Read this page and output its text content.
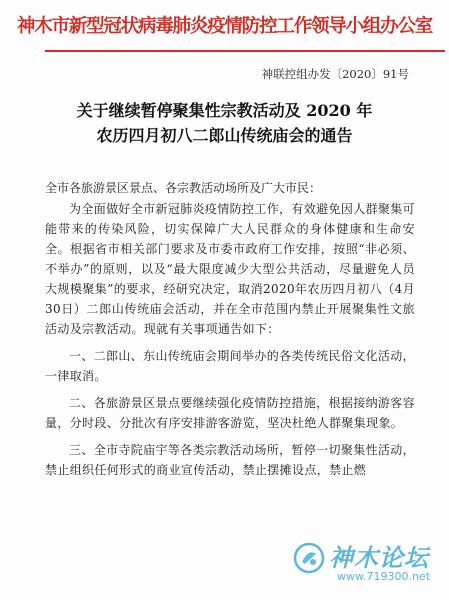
神木市新型冠状病毒肺炎疫情防控工作领导小组办公室
神联控组办发〔2020〕91号
关于继续暂停聚集性宗教活动及 2020 年
农历四月初八二郎山传统庙会的通告

全市各旅游景区景点、各宗教活动场所及广大市民：

为全面做好全市新冠肺炎疫情防控工作，有效避免因人群聚集可能带来的传染风险，切实保障广大人民群众的身体健康和生命安全。根据省市相关部门要求及市委市政府工作安排，按照“非必须、不举办”的原则，以及“最大限度减少大型公共活动，尽量避免人员大规模聚集”的要求，经研究决定，取消2020年农历四月初八（4月30日）二郎山传统庙会活动，并在全市范围内禁止开展聚集性文旅活动及宗教活动。现就有关事项通告如下：

一、二郎山、东山传统庙会期间举办的各类传统民俗文化活动，一律取消。

二、各旅游景区景点要继续强化疫情防控措施，根据接纳游客容量，分时段、分批次有序安排游客游览，坚决杜绝人群聚集现象。

三、全市寺院庙宇等各类宗教活动场所，暂停一切聚集性活动，禁止组织任何形式的商业宣传活动，禁止摆摊设点，禁止燃

神木论坛
www.719300.net
